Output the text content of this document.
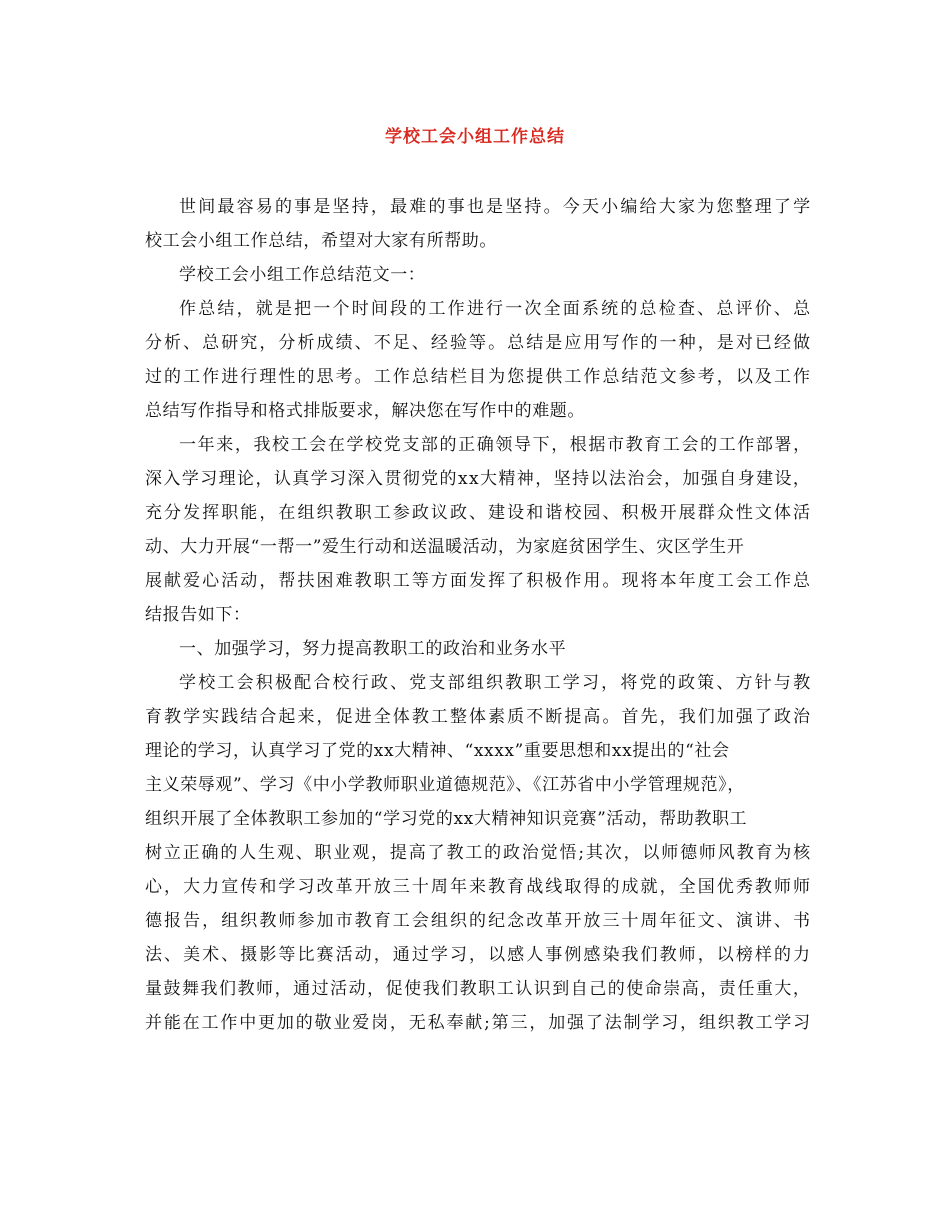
学校工会小组工作总结

世间最容易的事是坚持，最难的事也是坚持。今天小编给大家为您整理了学

校工会小组工作总结，希望对大家有所帮助。

学校工会小组工作总结范文一：

作总结，就是把一个时间段的工作进行一次全面系统的总检查、总评价、总

分析、总研究，分析成绩、不足、经验等。总结是应用写作的一种，是对已经做

过的工作进行理性的思考。工作总结栏目为您提供工作总结范文参考，以及工作

总结写作指导和格式排版要求，解决您在写作中的难题。

一年来，我校工会在学校党支部的正确领导下，根据市教育工会的工作部署，

深入学习理论，认真学习深入贯彻党的xx大精神，坚持以法治会，加强自身建设，

充分发挥职能，在组织教职工参政议政、建设和谐校园、积极开展群众性文体活

动、大力开展“一帮一”爱生行动和送温暖活动，为家庭贫困学生、灾区学生开

展献爱心活动，帮扶困难教职工等方面发挥了积极作用。现将本年度工会工作总

结报告如下：

一、加强学习，努力提高教职工的政治和业务水平

学校工会积极配合校行政、党支部组织教职工学习，将党的政策、方针与教

育教学实践结合起来，促进全体教工整体素质不断提高。首先，我们加强了政治

理论的学习，认真学习了党的xx大精神、“xxxx”重要思想和xx提出的“社会

主义荣辱观”、学习《中小学教师职业道德规范》、《江苏省中小学管理规范》，

组织开展了全体教职工参加的“学习党的xx大精神知识竞赛”活动，帮助教职工

树立正确的人生观、职业观，提高了教工的政治觉悟;其次，以师德师风教育为核

心，大力宣传和学习改革开放三十周年来教育战线取得的成就，全国优秀教师师

德报告，组织教师参加市教育工会组织的纪念改革开放三十周年征文、演讲、书

法、美术、摄影等比赛活动，通过学习，以感人事例感染我们教师，以榜样的力

量鼓舞我们教师，通过活动，促使我们教职工认识到自己的使命崇高，责任重大，

并能在工作中更加的敬业爱岗，无私奉献;第三，加强了法制学习，组织教工学习
